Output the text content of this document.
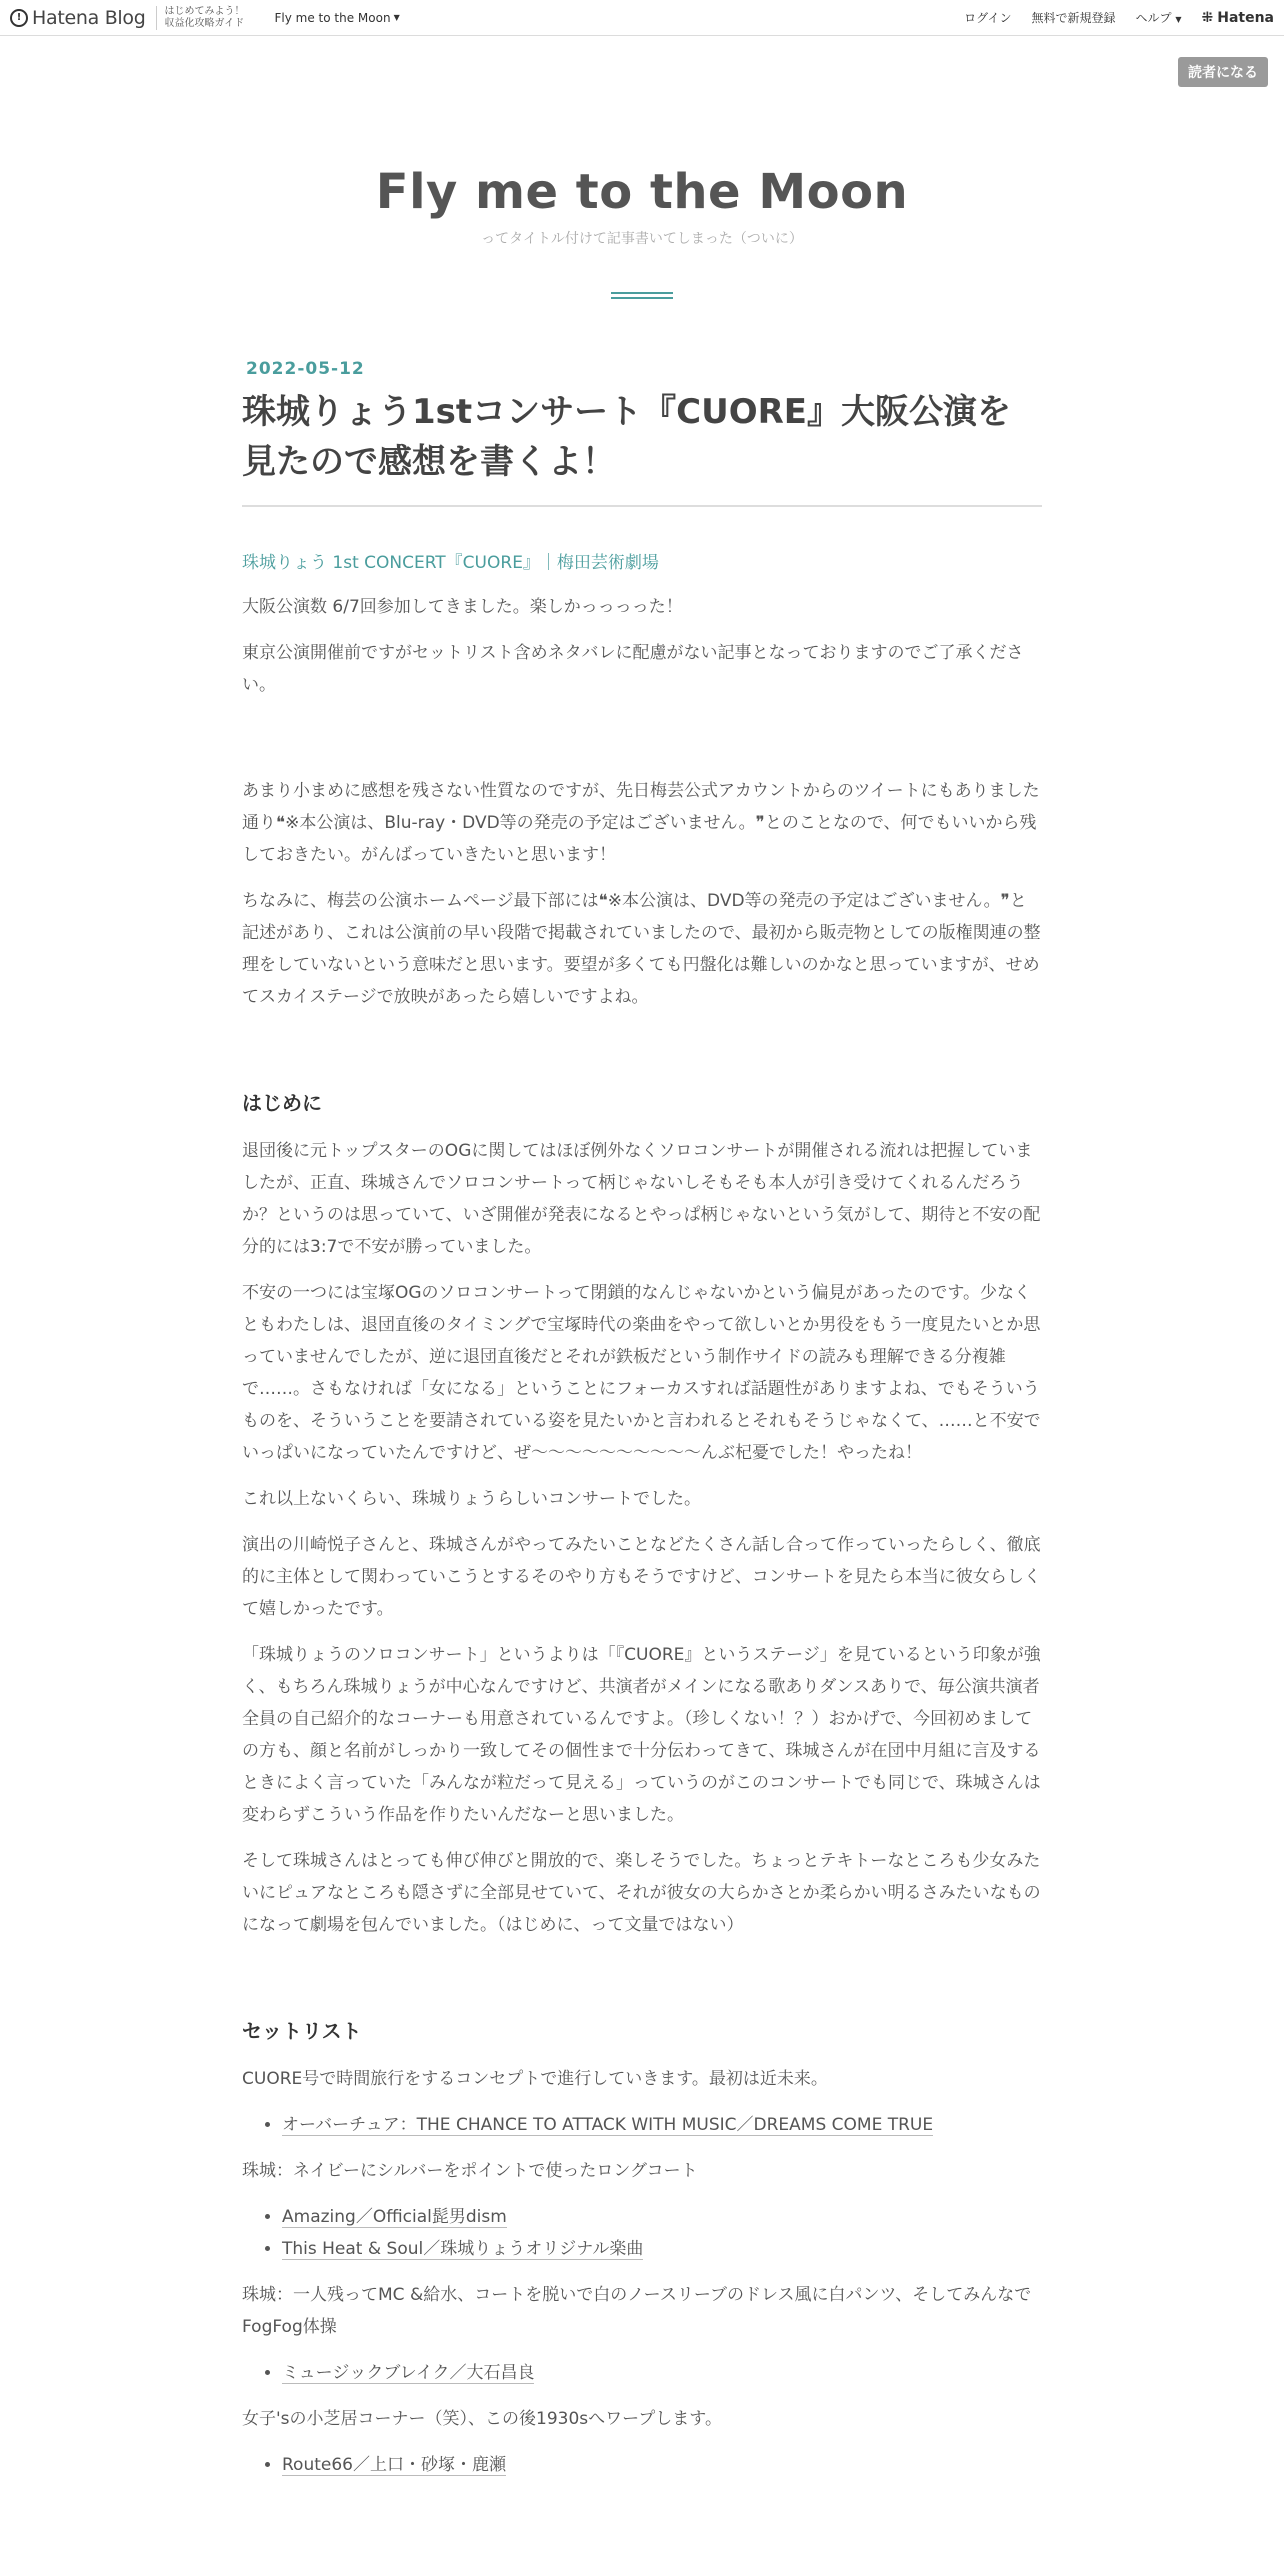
! Hatena Blog はじめてみよう！
収益化攻略ガイド	Fly me to the Moon ▼	ログイン 無料で新規登録 ヘルプ ▼ ⁜ Hatena
読者になる
Fly me to the Moon
ってタイトル付けて記事書いてしまった（ついに）
2022-05-12
珠城りょう1stコンサート『CUORE』大阪公演を見たので感想を書くよ！
珠城りょう 1st CONCERT『CUORE』｜梅田芸術劇場

大阪公演数 6/7回参加してきました。楽しかっっっった！

東京公演開催前ですがセットリスト含めネタバレに配慮がない記事となっておりますのでご了承ください。

あまり小まめに感想を残さない性質なのですが、先日梅芸公式アカウントからのツイートにもありました通り❝※本公演は、Blu-ray・DVD等の発売の予定はございません。❞とのことなので、何でもいいから残しておきたい。がんばっていきたいと思います！

ちなみに、梅芸の公演ホームページ最下部には❝※本公演は、DVD等の発売の予定はございません。❞と記述があり、これは公演前の早い段階で掲載されていましたので、最初から販売物としての版権関連の整理をしていないという意味だと思います。要望が多くても円盤化は難しいのかなと思っていますが、せめてスカイステージで放映があったら嬉しいですよね。

はじめに

退団後に元トップスターのOGに関してはほぼ例外なくソロコンサートが開催される流れは把握していましたが、正直、珠城さんでソロコンサートって柄じゃないしそもそも本人が引き受けてくれるんだろうか？というのは思っていて、いざ開催が発表になるとやっぱ柄じゃないという気がして、期待と不安の配分的には3:7で不安が勝っていました。

不安の一つには宝塚OGのソロコンサートって閉鎖的なんじゃないかという偏見があったのです。少なくともわたしは、退団直後のタイミングで宝塚時代の楽曲をやって欲しいとか男役をもう一度見たいとか思っていませんでしたが、逆に退団直後だとそれが鉄板だという制作サイドの読みも理解できる分複雑で……。さもなければ「女になる」ということにフォーカスすれば話題性がありますよね、でもそういうものを、そういうことを要請されている姿を見たいかと言われるとそれもそうじゃなくて、……と不安でいっぱいになっていたんですけど、ぜ～～～～～～～～～～んぶ杞憂でした！やったね！

これ以上ないくらい、珠城りょうらしいコンサートでした。

演出の川崎悦子さんと、珠城さんがやってみたいことなどたくさん話し合って作っていったらしく、徹底的に主体として関わっていこうとするそのやり方もそうですけど、コンサートを見たら本当に彼女らしくて嬉しかったです。

「珠城りょうのソロコンサート」というよりは「『CUORE』というステージ」を見ているという印象が強く、もちろん珠城りょうが中心なんですけど、共演者がメインになる歌ありダンスありで、毎公演共演者全員の自己紹介的なコーナーも用意されているんですよ。（珍しくない！？）おかげで、今回初めましての方も、顔と名前がしっかり一致してその個性まで十分伝わってきて、珠城さんが在団中月組に言及するときによく言っていた「みんなが粒だって見える」っていうのがこのコンサートでも同じで、珠城さんは変わらずこういう作品を作りたいんだなーと思いました。

そして珠城さんはとっても伸び伸びと開放的で、楽しそうでした。ちょっとテキトーなところも少女みたいにピュアなところも隠さずに全部見せていて、それが彼女の大らかさとか柔らかい明るさみたいなものになって劇場を包んでいました。（はじめに、って文量ではない）

セットリスト

CUORE号で時間旅行をするコンセプトで進行していきます。最初は近未来。

• オーバーチュア：THE CHANCE TO ATTACK WITH MUSIC／DREAMS COME TRUE

珠城：ネイビーにシルバーをポイントで使ったロングコート

• Amazing／Official髭男dism
• This Heat & Soul／珠城りょうオリジナル楽曲

珠城：一人残ってMC &給水、コートを脱いで白のノースリーブのドレス風に白パンツ、そしてみんなでFogFog体操

• ミュージックブレイク／大石昌良

女子'sの小芝居コーナー（笑）、この後1930sへワープします。

• Route66／上口・砂塚・鹿瀬
